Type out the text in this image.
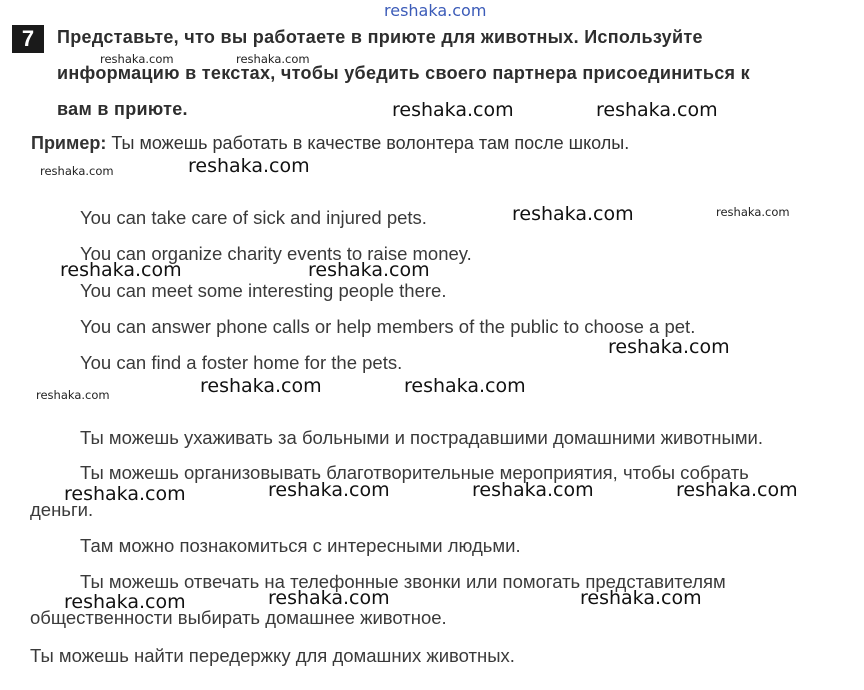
reshaka.com
7	Представьте, что вы работаете в приюте для животных. Используйте
информацию в текстах, чтобы убедить своего партнера присоединиться к
вам в приюте.
Пример: Ты можешь работать в качестве волонтера там после школы.
You can take care of sick and injured pets.
You can organize charity events to raise money.
You can meet some interesting people there.
You can answer phone calls or help members of the public to choose a pet.
You can find a foster home for the pets.
Ты можешь ухаживать за больными и пострадавшими домашними животными.
Ты можешь организовывать благотворительные мероприятия, чтобы собрать
деньги.
Там можно познакомиться с интересными людьми.
Ты можешь отвечать на телефонные звонки или помогать представителям
общественности выбирать домашнее животное.
Ты можешь найти передержку для домашних животных.
reshaka.com	reshaka.com
reshaka.com
reshaka.com
reshaka.com
reshaka.com	reshaka.com
reshaka.com
reshaka.com
reshaka.com	reshaka.com
reshaka.com
reshaka.com	reshaka.com
reshaka.com	reshaka.com	reshaka.com	reshaka.com
reshaka.com	reshaka.com	reshaka.com
